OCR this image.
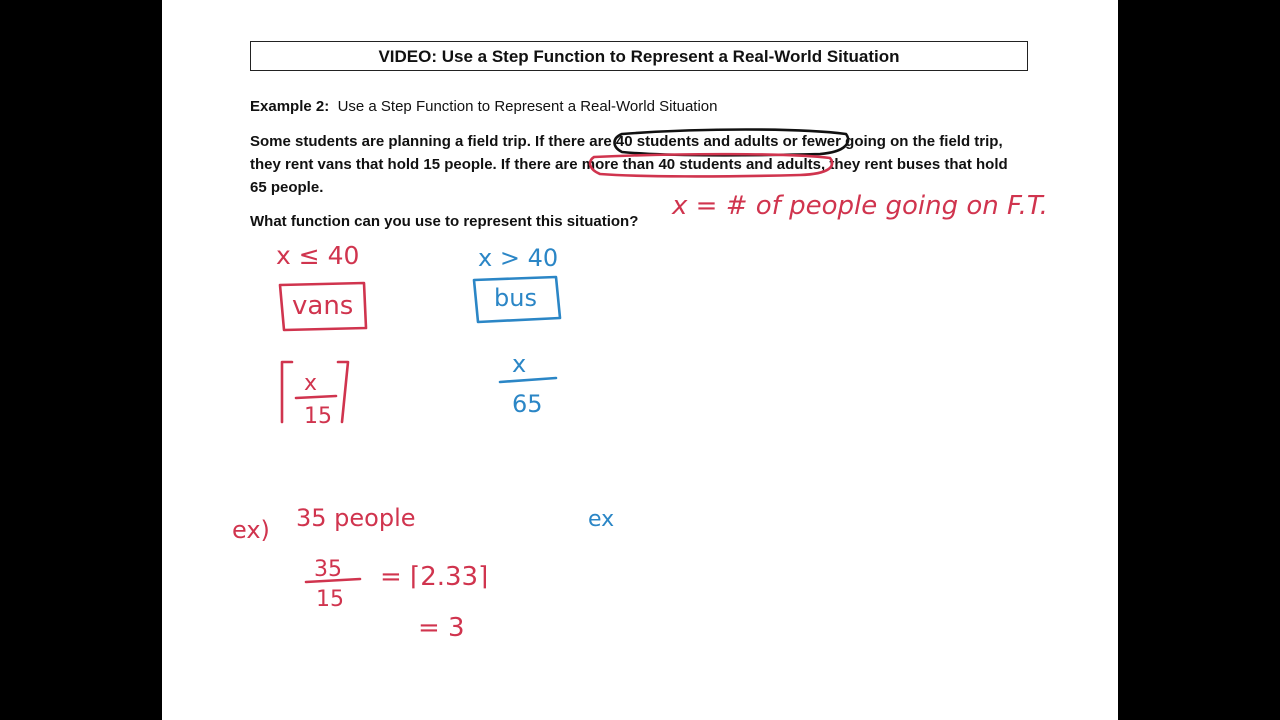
VIDEO: Use a Step Function to Represent a Real-World Situation
Example 2: Use a Step Function to Represent a Real-World Situation
Some students are planning a field trip. If there are 40 students and adults or fewer going on the field trip,
they rent vans that hold 15 people. If there are more than 40 students and adults, they rent buses that hold
65 people.
What function can you use to represent this situation?
x = # of people going on F.T.
x ≤ 40
vans
x
15
x > 40
bus
x
65
ex) 35 people
35
15
= ⌈2.33⌉
= 3
ex
